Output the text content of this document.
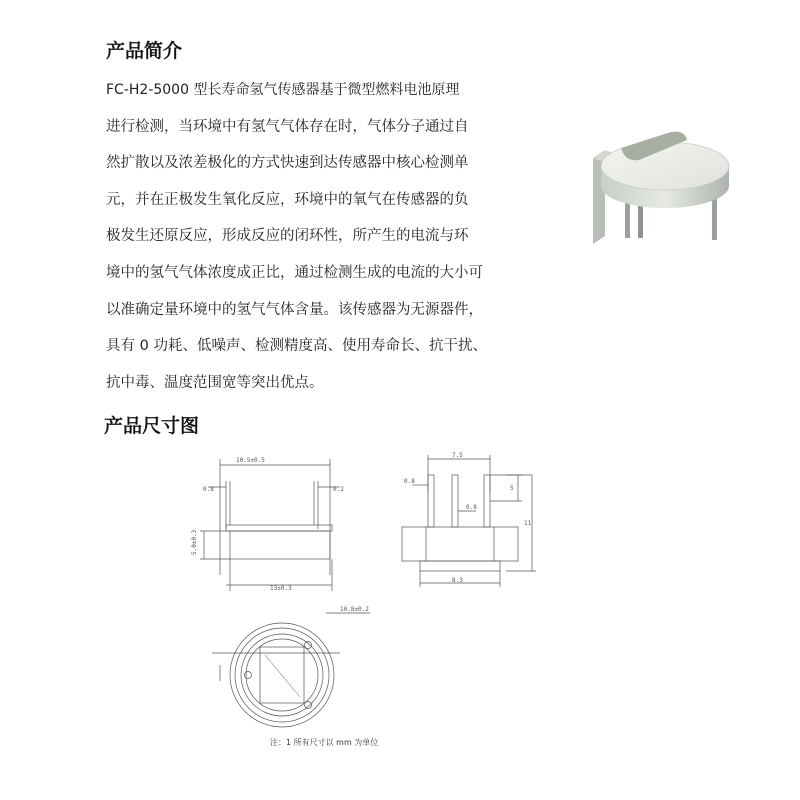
产品简介
FC-H2-5000 型长寿命氢气传感器基于微型燃料电池原理
进行检测，当环境中有氢气气体存在时，气体分子通过自
然扩散以及浓差极化的方式快速到达传感器中核心检测单
元，并在正极发生氧化反应，环境中的氧气在传感器的负
极发生还原反应，形成反应的闭环性，所产生的电流与环
境中的氢气气体浓度成正比，通过检测生成的电流的大小可
以准确定量环境中的氢气气体含量。该传感器为无源器件，
具有 0 功耗、低噪声、检测精度高、使用寿命长、抗干扰、
抗中毒、温度范围宽等突出优点。
产品尺寸图
10.5±0.5
0.8	0.2
5.0±0.3
13±0.3
7.5
0.8
0.8
5
11
8.3
10.8±0.2
注：1 所有尺寸以 mm 为单位
